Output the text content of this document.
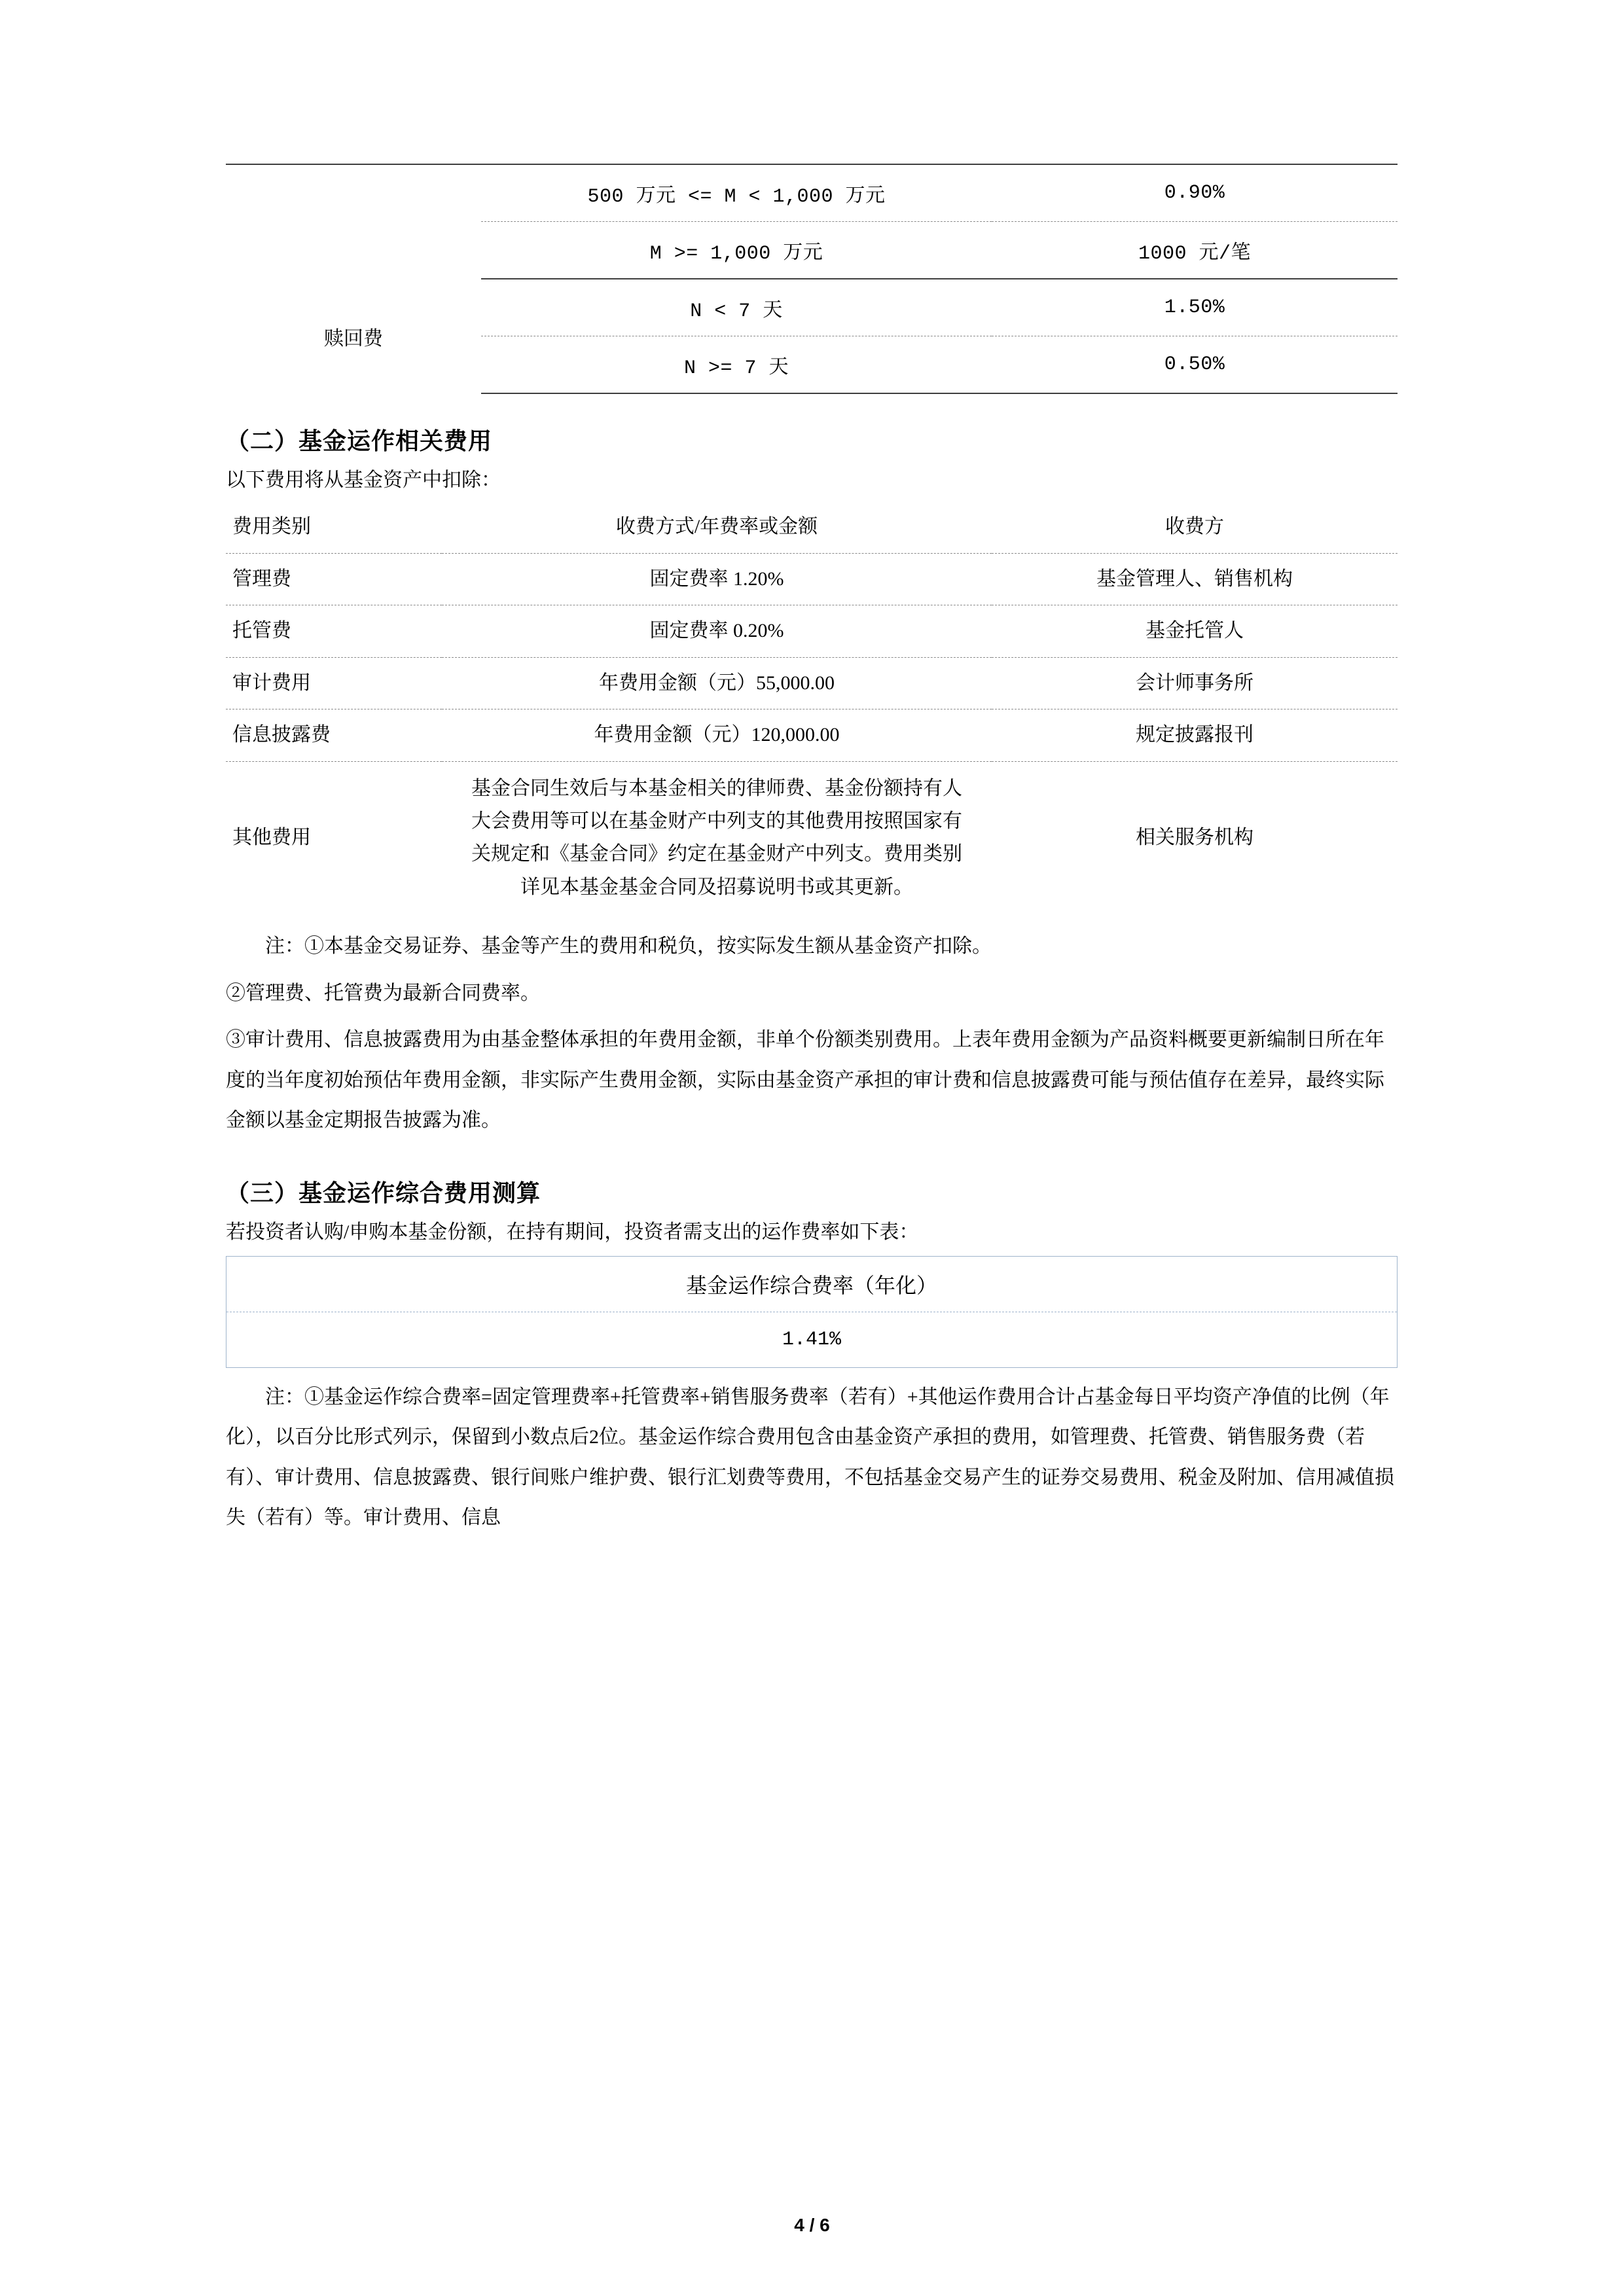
	500 万元 <= M < 1,000 万元	0.90%
	M >= 1,000 万元	1000 元/笔
赎回费	N < 7 天	1.50%
	N >= 7 天	0.50%
（二）基金运作相关费用

以下费用将从基金资产中扣除：

费用类别	收费方式/年费率或金额	收费方
管理费	固定费率 1.20%	基金管理人、销售机构
托管费	固定费率 0.20%	基金托管人
审计费用	年费用金额（元）55,000.00	会计师事务所
信息披露费	年费用金额（元）120,000.00	规定披露报刊
其他费用	基金合同生效后与本基金相关的律师费、基金份额持有人大会费用等可以在基金财产中列支的其他费用按照国家有关规定和《基金合同》约定在基金财产中列支。费用类别详见本基金基金合同及招募说明书或其更新。	相关服务机构

注：①本基金交易证券、基金等产生的费用和税负，按实际发生额从基金资产扣除。

②管理费、托管费为最新合同费率。

③审计费用、信息披露费用为由基金整体承担的年费用金额，非单个份额类别费用。上表年费用金额为产品资料概要更新编制日所在年度的当年度初始预估年费用金额，非实际产生费用金额，实际由基金资产承担的审计费和信息披露费可能与预估值存在差异，最终实际金额以基金定期报告披露为准。

（三）基金运作综合费用测算

若投资者认购/申购本基金份额，在持有期间，投资者需支出的运作费率如下表：

基金运作综合费率（年化）
1.41%

注：①基金运作综合费率=固定管理费率+托管费率+销售服务费率（若有）+其他运作费用合计占基金每日平均资产净值的比例（年化），以百分比形式列示，保留到小数点后2位。基金运作综合费用包含由基金资产承担的费用，如管理费、托管费、销售服务费（若有）、审计费用、信息披露费、银行间账户维护费、银行汇划费等费用，不包括基金交易产生的证券交易费用、税金及附加、信用减值损失（若有）等。审计费用、信息

4 / 6
